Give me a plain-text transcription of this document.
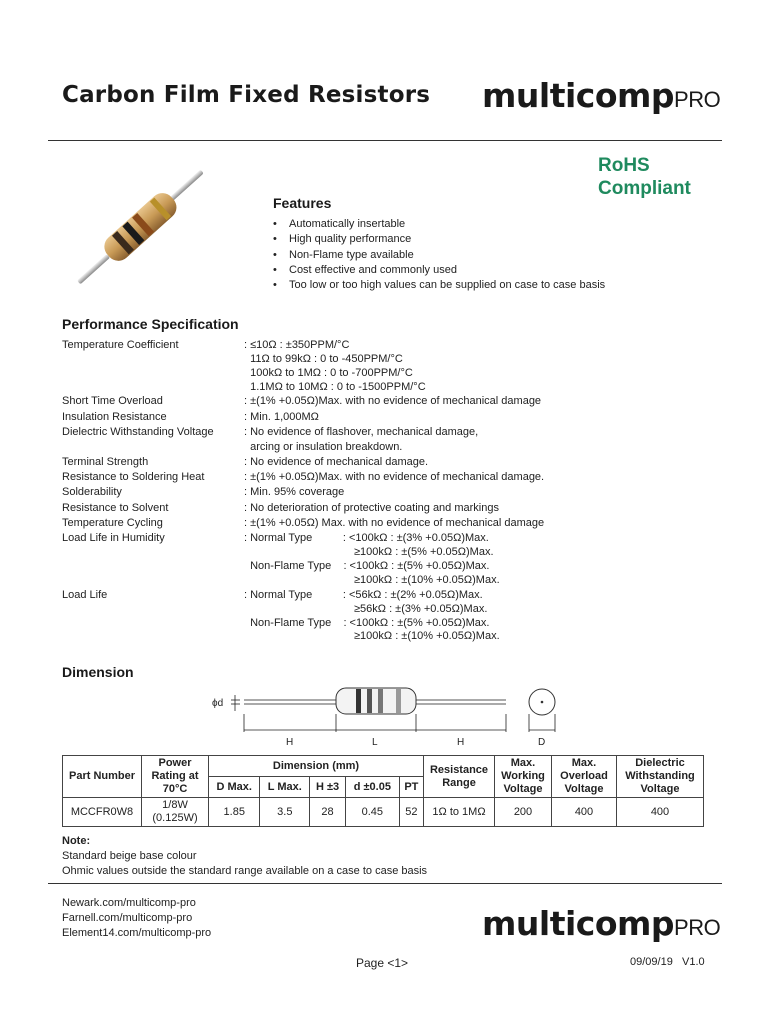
Carbon Film Fixed Resistors multicompPRO
RoHS
Compliant
Features
• Automatically insertable
• High quality performance
• Non-Flame type available
• Cost effective and commonly used
• Too low or too high values can be supplied on case to case basis
Performance Specification
Temperature Coefficient	: ≤10Ω : ±350PPM/°C
11Ω to 99kΩ : 0 to -450PPM/°C
100kΩ to 1MΩ : 0 to -700PPM/°C
1.1MΩ to 10MΩ : 0 to -1500PPM/°C
Short Time Overload	: ±(1% +0.05Ω)Max. with no evidence of mechanical damage
Insulation Resistance	: Min. 1,000MΩ
Dielectric Withstanding Voltage	: No evidence of flashover, mechanical damage,
arcing or insulation breakdown.
Terminal Strength	: No evidence of mechanical damage.
Resistance to Soldering Heat	: ±(1% +0.05Ω)Max. with no evidence of mechanical damage.
Solderability	: Min. 95% coverage
Resistance to Solvent	: No deterioration of protective coating and markings
Temperature Cycling	: ±(1% +0.05Ω) Max. with no evidence of mechanical damage
Load Life in Humidity	: Normal Type          : <100kΩ : ±(3% +0.05Ω)Max.
≥100kΩ : ±(5% +0.05Ω)Max.
Non-Flame Type    : <100kΩ : ±(5% +0.05Ω)Max.
≥100kΩ : ±(10% +0.05Ω)Max.
Load Life	: Normal Type          : <56kΩ : ±(2% +0.05Ω)Max.
≥56kΩ : ±(3% +0.05Ω)Max.
Non-Flame Type    : <100kΩ : ±(5% +0.05Ω)Max.
≥100kΩ : ±(10% +0.05Ω)Max.
Dimension
ϕd
H	L	H	D
Part Number	Power Rating at 70°C	Dimension (mm)					Resistance Range	Max. Working Voltage	Max. Overload Voltage	Dielectric Withstanding Voltage
		D Max.	L Max.	H ±3	d ±0.05	PT				
MCCFR0W8	1/8W
(0.125W)	1.85	3.5	28	0.45	52	1Ω to 1MΩ	200	400	400
Note:
Standard beige base colour
Ohmic values outside the standard range available on a case to case basis
Newark.com/multicomp-pro
Farnell.com/multicomp-pro
Element14.com/multicomp-pro	multicompPRO
Page <1>	09/09/19 V1.0
